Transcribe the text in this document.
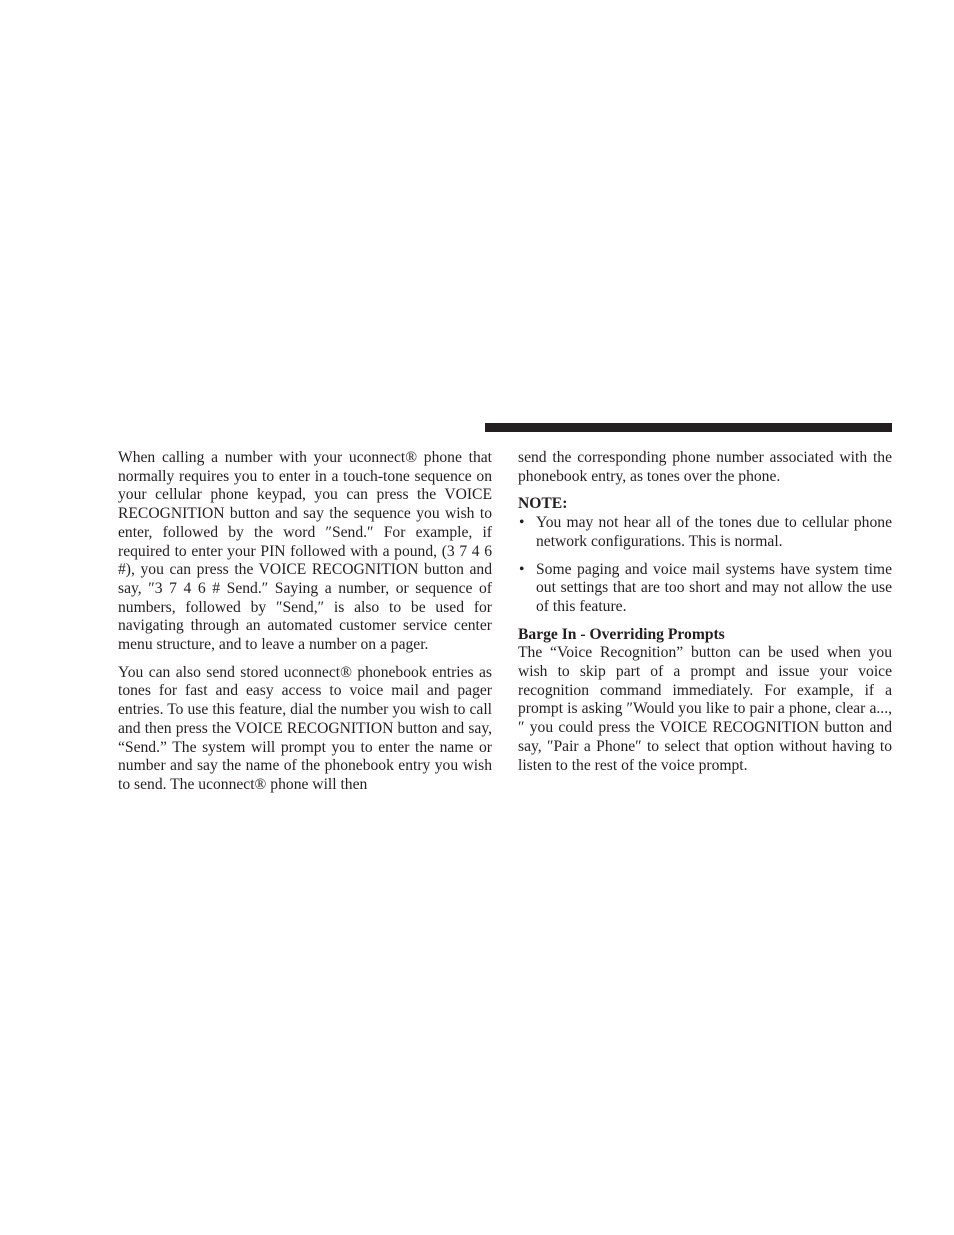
When calling a number with your uconnect® phone that normally requires you to enter in a touch-tone sequence on your cellular phone keypad, you can press the VOICE RECOGNITION button and say the sequence you wish to enter, followed by the word ″Send.″ For example, if required to enter your PIN followed with a pound, (3 7 4 6 #), you can press the VOICE RECOGNITION button and say, ″3 7 4 6 # Send.″ Saying a number, or sequence of numbers, followed by ″Send,″ is also to be used for navigating through an automated customer service center menu structure, and to leave a number on a pager.

You can also send stored uconnect® phonebook entries as tones for fast and easy access to voice mail and pager entries. To use this feature, dial the number you wish to call and then press the VOICE RECOGNITION button and say, “Send.” The system will prompt you to enter the name or number and say the name of the phonebook entry you wish to send. The uconnect® phone will then

send the corresponding phone number associated with the phonebook entry, as tones over the phone.

NOTE:
• You may not hear all of the tones due to cellular phone network configurations. This is normal.
• Some paging and voice mail systems have system time out settings that are too short and may not allow the use of this feature.
Barge In - Overriding Prompts

The “Voice Recognition” button can be used when you wish to skip part of a prompt and issue your voice recognition command immediately. For example, if a prompt is asking ″Would you like to pair a phone, clear a...,″ you could press the VOICE RECOGNITION button and say, ″Pair a Phone″ to select that option without having to listen to the rest of the voice prompt.
